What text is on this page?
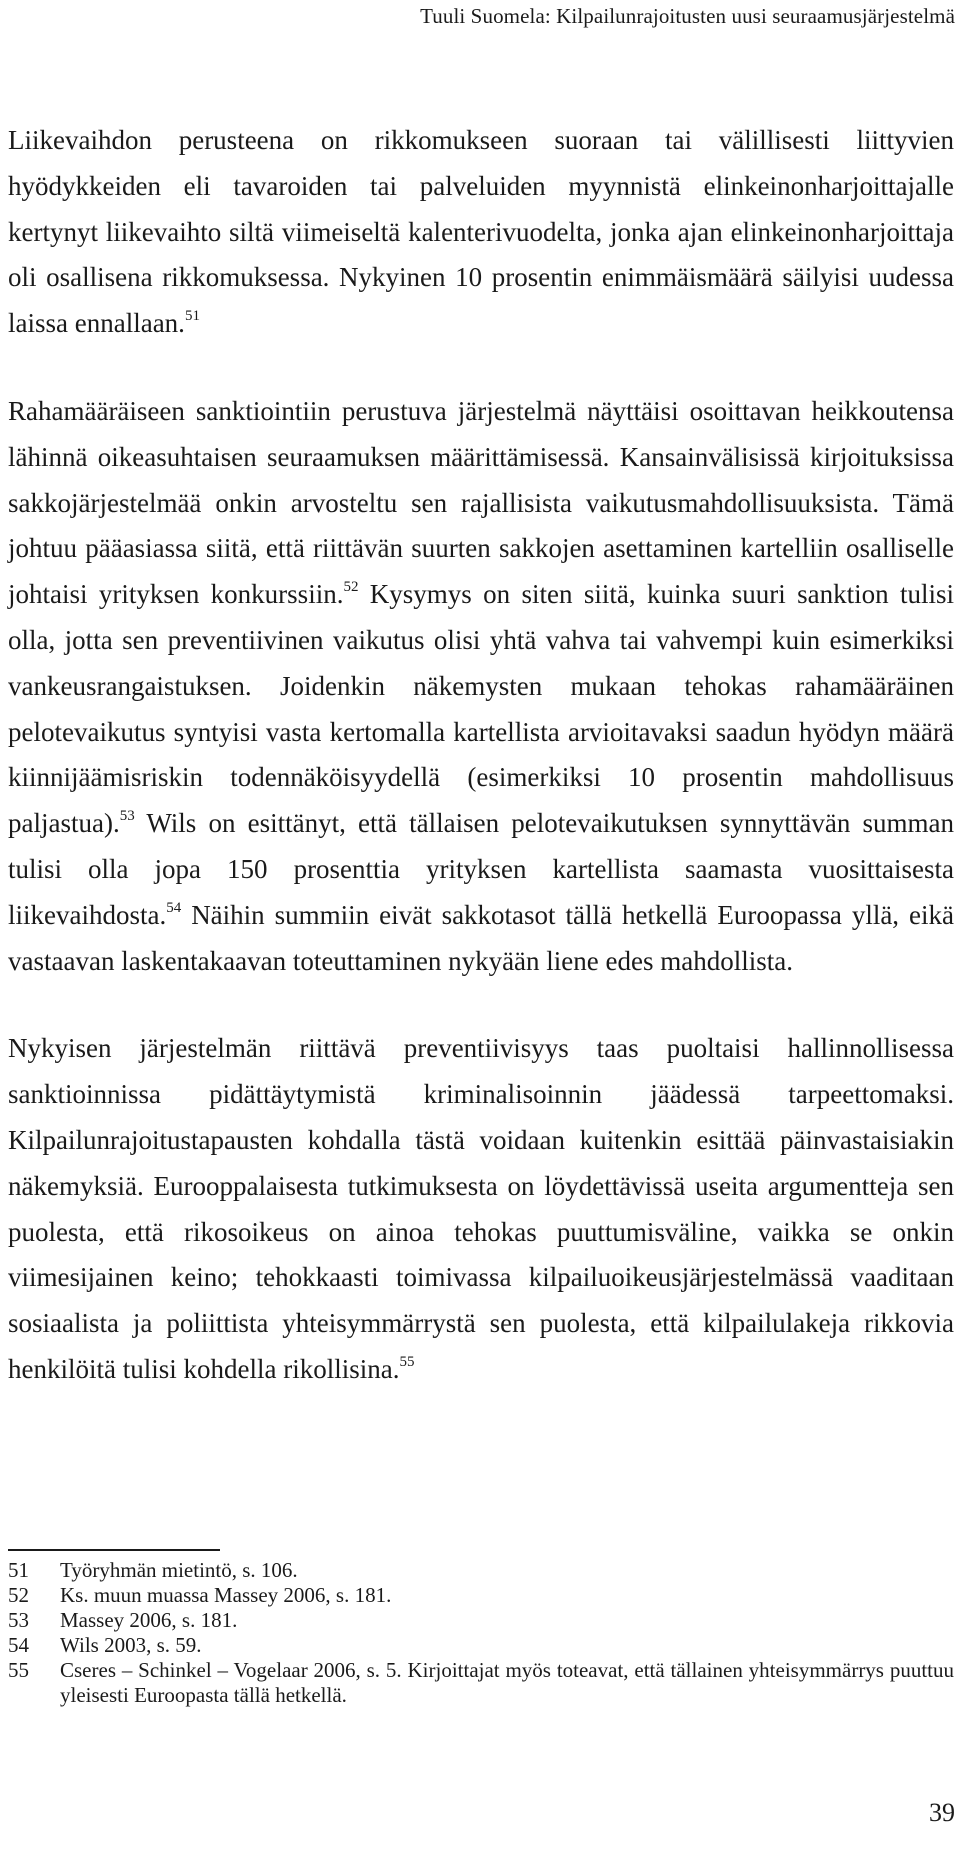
Tuuli Suomela: Kilpailunrajoitusten uusi seuraamusjärjestelmä

Liikevaihdon perusteena on rikkomukseen suoraan tai välillisesti liittyvien hyödykkeiden eli tavaroiden tai palveluiden myynnistä elinkeinonharjoittajalle kertynyt liikevaihto siltä viimeiseltä kalenterivuodelta, jonka ajan elinkeinonharjoittaja oli osallisena rikkomuksessa. Nykyinen 10 prosentin enimmäismäärä säilyisi uudessa laissa ennallaan.$^{51}$

Rahamääräiseen sanktiointiin perustuva järjestelmä näyttäisi osoittavan heikkoutensa lähinnä oikeasuhtaisen seuraamuksen määrittämisessä. Kansainvälisissä kirjoituksissa sakkojärjestelmää onkin arvosteltu sen rajallisista vaikutusmahdollisuuksista. Tämä johtuu pääasiassa siitä, että riittävän suurten sakkojen asettaminen kartelliin osalliselle johtaisi yrityksen konkurssiin.$^{52}$ Kysymys on siten siitä, kuinka suuri sanktion tulisi olla, jotta sen preventiivinen vaikutus olisi yhtä vahva tai vahvempi kuin esimerkiksi vankeusrangaistuksen. Joidenkin näkemysten mukaan tehokas rahamääräinen pelotevaikutus syntyisi vasta kertomalla kartellista arvioitavaksi saadun hyödyn määrä kiinnijäämisriskin todennäköisyydellä (esimerkiksi 10 prosentin mahdollisuus paljastua).$^{53}$ Wils on esittänyt, että tällaisen pelotevaikutuksen synnyttävän summan tulisi olla jopa 150 prosenttia yrityksen kartellista saamasta vuosittaisesta liikevaihdosta.$^{54}$ Näihin summiin eivät sakkotasot tällä hetkellä Euroopassa yllä, eikä vastaavan laskentakaavan toteuttaminen nykyään liene edes mahdollista.

Nykyisen järjestelmän riittävä preventiivisyys taas puoltaisi hallinnollisessa sanktioinnissa pidättäytymistä kriminalisoinnin jäädessä tarpeettomaksi. Kilpailunrajoitustapausten kohdalla tästä voidaan kuitenkin esittää päinvastaisiakin näkemyksiä. Eurooppalaisesta tutkimuksesta on löydettävissä useita argumentteja sen puolesta, että rikosoikeus on ainoa tehokas puuttumisväline, vaikka se onkin viimesijainen keino; tehokkaasti toimivassa kilpailuoikeusjärjestelmässä vaaditaan sosiaalista ja poliittista yhteisymmärrystä sen puolesta, että kilpailulakeja rikkovia henkilöitä tulisi kohdella rikollisina.$^{55}$

51	Työryhmän mietintö, s. 106.
52	Ks. muun muassa Massey 2006, s. 181.
53	Massey 2006, s. 181.
54	Wils 2003, s. 59.
55	Cseres – Schinkel – Vogelaar 2006, s. 5. Kirjoittajat myös toteavat, että tällainen yhteisymmärrys puuttuu yleisesti Euroopasta tällä hetkellä.
39
